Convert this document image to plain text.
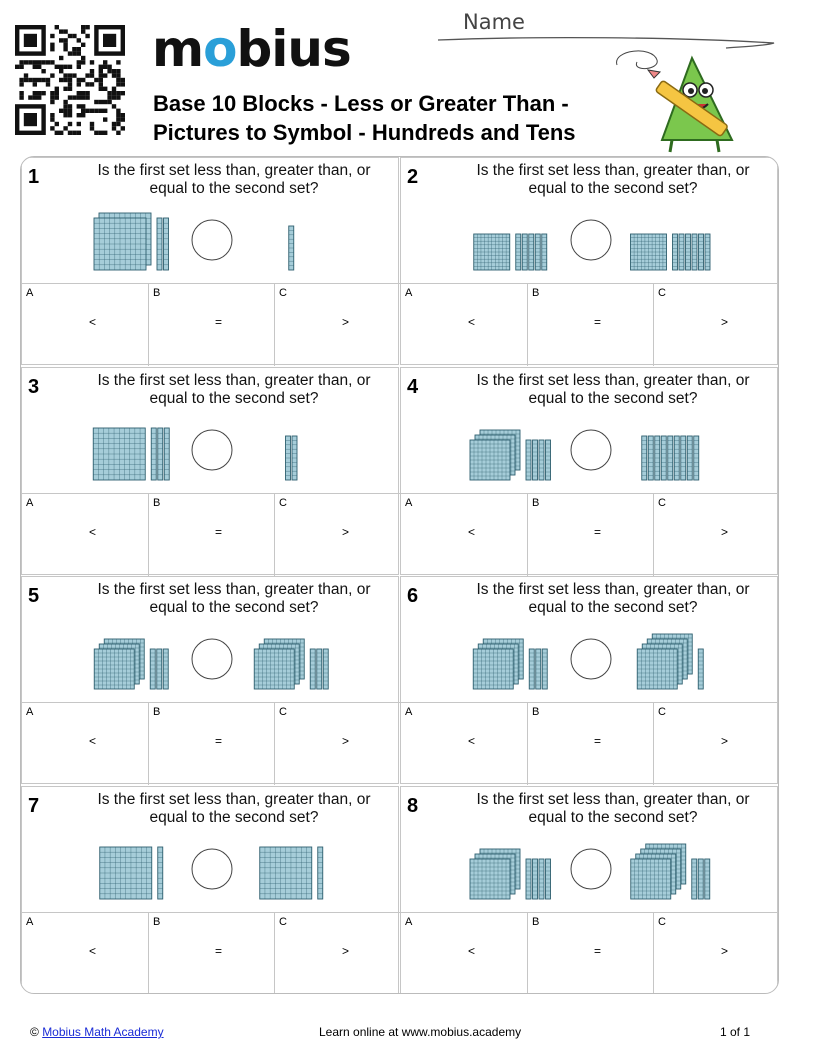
mobius
Base 10 Blocks - Less or Greater Than -
Pictures to Symbol - Hundreds and Tens
Name
1	Is the first set less than, greater than, or equal to the second set?
A
<
B
=
C
>
2	Is the first set less than, greater than, or equal to the second set?
A
<
B
=
C
>
3	Is the first set less than, greater than, or equal to the second set?
A
<
B
=
C
>
4	Is the first set less than, greater than, or equal to the second set?
A
<
B
=
C
>
5	Is the first set less than, greater than, or equal to the second set?
A
<
B
=
C
>
6	Is the first set less than, greater than, or equal to the second set?
A
<
B
=
C
>
7	Is the first set less than, greater than, or equal to the second set?
A
<
B
=
C
>
8	Is the first set less than, greater than, or equal to the second set?
A
<
B
=
C
>
© Mobius Math Academy	Learn online at www.mobius.academy	1 of 1
